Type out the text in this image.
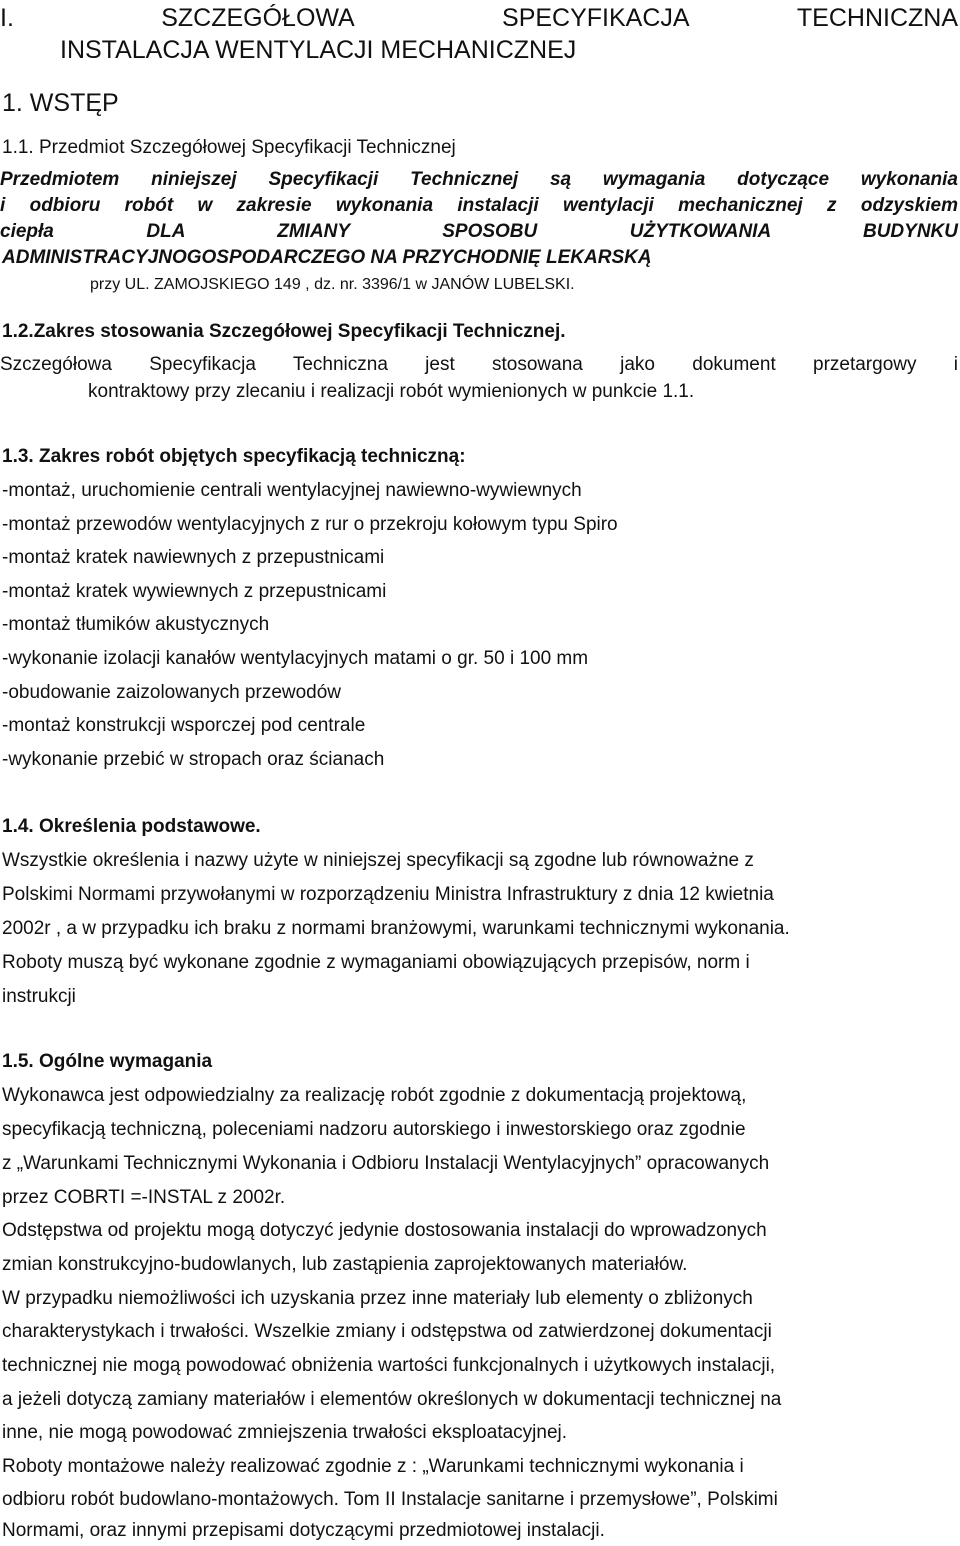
I.	SZCZEGÓŁOWA	SPECYFIKACJA	TECHNICZNA
INSTALACJA WENTYLACJI MECHANICZNEJ
1. WSTĘP
1.1. Przedmiot Szczegółowej Specyfikacji Technicznej
Przedmiotem niniejszej Specyfikacji Technicznej są wymagania dotyczące wykonania
i odbioru robót w zakresie wykonania instalacji wentylacji mechanicznej z odzyskiem
ciepła DLA ZMIANY SPOSOBU UŻYTKOWANIA BUDYNKU
ADMINISTRACYJNOGOSPODARCZEGO NA PRZYCHODNIĘ LEKARSKĄ
przy UL. ZAMOJSKIEGO 149 , dz. nr. 3396/1 w JANÓW LUBELSKI.
1.2.Zakres stosowania Szczegółowej Specyfikacji Technicznej.
Szczegółowa Specyfikacja Techniczna jest stosowana jako dokument przetargowy i
kontraktowy przy zlecaniu i realizacji robót wymienionych w punkcie 1.1.
1.3. Zakres robót objętych specyfikacją techniczną:
-montaż, uruchomienie centrali wentylacyjnej nawiewno-wywiewnych
-montaż przewodów wentylacyjnych z rur o przekroju kołowym typu Spiro
-montaż kratek nawiewnych z przepustnicami
-montaż kratek wywiewnych z przepustnicami
-montaż tłumików akustycznych
-wykonanie izolacji kanałów wentylacyjnych matami o gr. 50 i 100 mm
-obudowanie zaizolowanych przewodów
-montaż konstrukcji wsporczej pod centrale
-wykonanie przebić w stropach oraz ścianach
1.4. Określenia podstawowe.
Wszystkie określenia i nazwy użyte w niniejszej specyfikacji są zgodne lub równoważne z
Polskimi Normami przywołanymi w rozporządzeniu Ministra Infrastruktury z dnia 12 kwietnia
2002r , a w przypadku ich braku z normami branżowymi, warunkami technicznymi wykonania.
Roboty muszą być wykonane zgodnie z wymaganiami obowiązujących przepisów, norm i
instrukcji
1.5. Ogólne wymagania
Wykonawca jest odpowiedzialny za realizację robót zgodnie z dokumentacją projektową,
specyfikacją techniczną, poleceniami nadzoru autorskiego i inwestorskiego oraz zgodnie
z „Warunkami Technicznymi Wykonania i Odbioru Instalacji Wentylacyjnych” opracowanych
przez COBRTI =-INSTAL z 2002r.
Odstępstwa od projektu mogą dotyczyć jedynie dostosowania instalacji do wprowadzonych
zmian konstrukcyjno-budowlanych, lub zastąpienia zaprojektowanych materiałów.
W przypadku niemożliwości ich uzyskania przez inne materiały lub elementy o zbliżonych
charakterystykach i trwałości. Wszelkie zmiany i odstępstwa od zatwierdzonej dokumentacji
technicznej nie mogą powodować obniżenia wartości funkcjonalnych i użytkowych instalacji,
a jeżeli dotyczą zamiany materiałów i elementów określonych w dokumentacji technicznej na
inne, nie mogą powodować zmniejszenia trwałości eksploatacyjnej.
Roboty montażowe należy realizować zgodnie z : „Warunkami technicznymi wykonania i
odbioru robót budowlano-montażowych. Tom II Instalacje sanitarne i przemysłowe”, Polskimi
Normami, oraz innymi przepisami dotyczącymi przedmiotowej instalacji.
